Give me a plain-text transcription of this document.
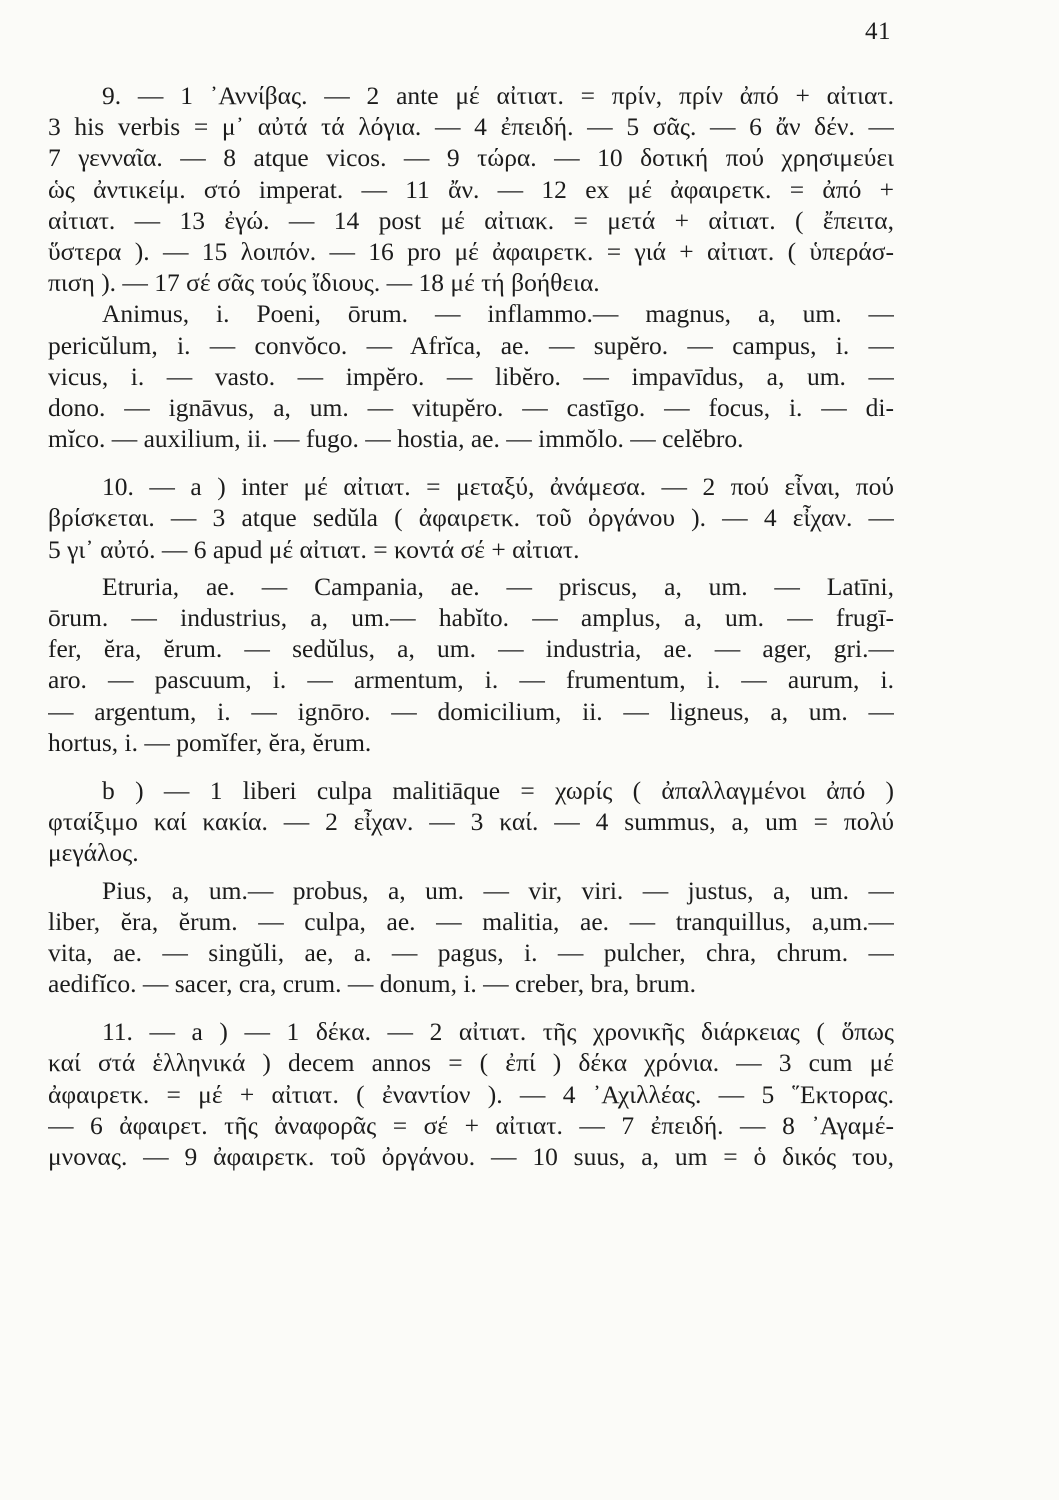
41
9. — 1 ᾽Αννίβας. — 2 ante μέ αἰτιατ. = πρίν, πρίν ἀπό + αἰτιατ.
3 his verbis = μ᾽ αὐτά τά λόγια. — 4 ἐπειδή. — 5 σᾶς. — 6 ἄν δέν. —
7 γενναῖα. — 8 atque vicos. — 9 τώρα. — 10 δοτική πού χρησιμεύει
ὡς ἀντικείμ. στό imperat. — 11 ἄν. — 12 ex μέ ἀφαιρετκ. = ἀπό +
αἰτιατ. — 13 ἐγώ. — 14 post μέ αἰτιακ. = μετά + αἰτιατ. ( ἔπειτα,
ὕστερα ). — 15 λοιπόν. — 16 pro μέ ἀφαιρετκ. = γιά + αἰτιατ. ( ὑπεράσ-
πιση ). — 17 σέ σᾶς τούς ἴδιους. — 18 μέ τή βοήθεια.
Animus, i. Poeni, ōrum. — inflammo.— magnus, a, um. —
pericŭlum, i. — convŏco. — Afrĭca, ae. — supĕro. — campus, i. —
vicus, i. — vasto. — impĕro. — libĕro. — impavīdus, a, um. —
dono. — ignāvus, a, um. — vitupĕro. — castīgo. — focus, i. — di-
mĭco. — auxilium, ii. — fugo. — hostia, ae. — immŏlo. — celĕbro.
10. — a ) inter μέ αἰτιατ. = μεταξύ, ἀνάμεσα. — 2 πού εἶναι, πού
βρίσκεται. — 3 atque sedŭla ( ἀφαιρετκ. τοῦ ὀργάνου ). — 4 εἶχαν. —
5 γι᾽ αὐτό. — 6 apud μέ αἰτιατ. = κοντά σέ + αἰτιατ.
Etruria, ae. — Campania, ae. — priscus, a, um. — Latīni,
ōrum. — industrius, a, um.— habĭto. — amplus, a, um. — frugī-
fer, ĕra, ĕrum. — sedŭlus, a, um. — industria, ae. — ager, gri.—
aro. — pascuum, i. — armentum, i. — frumentum, i. — aurum, i.
— argentum, i. — ignōro. — domicilium, ii. — ligneus, a, um. —
hortus, i. — pomĭfer, ĕra, ĕrum.
b ) — 1 liberi culpa malitiāque = χωρίς ( ἀπαλλαγμένοι ἀπό )
φταίξιμο καί κακία. — 2 εἶχαν. — 3 καί. — 4 summus, a, um = πολύ
μεγάλος.
Pius, a, um.— probus, a, um. — vir, viri. — justus, a, um. —
liber, ĕra, ĕrum. — culpa, ae. — malitia, ae. — tranquillus, a,um.—
vita, ae. — singŭli, ae, a. — pagus, i. — pulcher, chra, chrum. —
aedifĭco. — sacer, cra, crum. — donum, i. — creber, bra, brum.
11. — a ) — 1 δέκα. — 2 αἰτιατ. τῆς χρονικῆς διάρκειας ( ὅπως
καί στά ἑλληνικά ) decem annos = ( ἐπί ) δέκα χρόνια. — 3 cum μέ
ἀφαιρετκ. = μέ + αἰτιατ. ( ἐναντίον ). — 4 ᾽Αχιλλέας. — 5 ῞Εκτορας.
— 6 ἀφαιρετ. τῆς ἀναφορᾶς = σέ + αἰτιατ. — 7 ἐπειδή. — 8 ᾽Αγαμέ-
μνονας. — 9 ἀφαιρετκ. τοῦ ὀργάνου. — 10 suus, a, um = ὁ δικός του,
